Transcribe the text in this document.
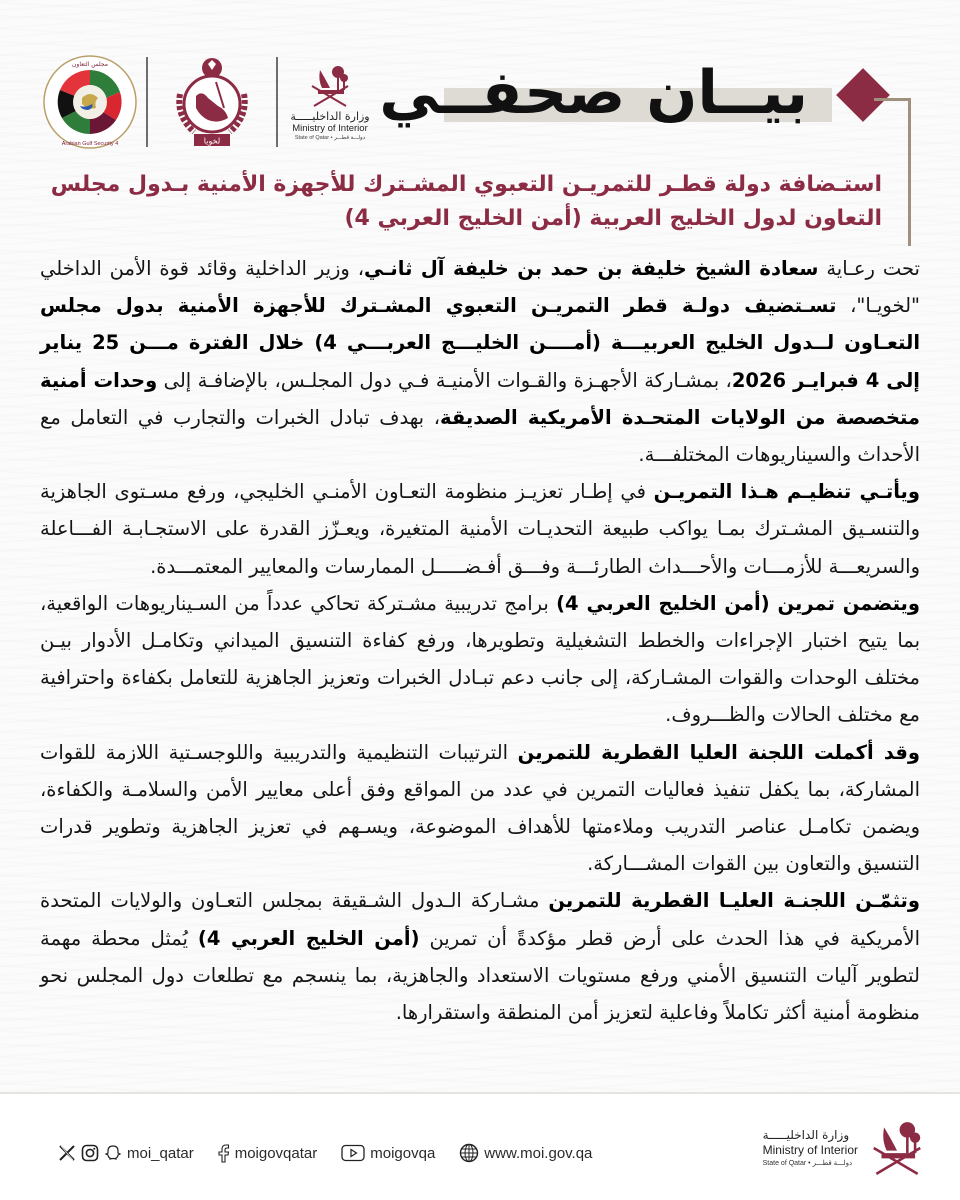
مجلس التعاون
Arabian Gulf Security 4	لخويا
وزارة الداخليـــــة
Ministry of Interior
State of Qatar • دولـــة قطـــر
بيــان صحفــي
استـضافة دولة قطـر للتمريـن التعبوي المشـترك للأجهزة الأمنية بـدول مجلس التعاون لدول الخليج العربية (أمن الخليج العربي 4)

تحت رعـاية سعادة الشيخ خليفة بن حمد بن خليفة آل ثانـي، وزير الداخلية وقائد قوة الأمن الداخلي "لخويـا"، تسـتضيف دولـة قطر التمريـن التعبوي المشـترك للأجهزة الأمنية بدول مجلس التعـاون لــدول الخليج العربيـــة (أمــــن الخليـــج العربـــي 4) خلال الفترة مـــن 25 يناير إلى 4 فبرايـر 2026، بمشـاركة الأجهـزة والقـوات الأمنيـة فـي دول المجلـس، بالإضافـة إلى وحدات أمنية متخصصة من الولايات المتحـدة الأمريكية الصديقة، بهدف تبادل الخبرات والتجارب في التعامل مع الأحداث والسيناريوهات المختلفـــة.

ويأتـي تنظيـم هـذا التمريـن في إطـار تعزيـز منظومة التعـاون الأمنـي الخليجي، ورفع مسـتوى الجاهزية والتنسـيق المشـترك بمـا يواكب طبيعة التحديـات الأمنية المتغيرة، ويعـزّز القدرة على الاستجـابـة الفـــاعلة والسريعـــة للأزمـــات والأحـــداث الطارئـــة وفـــق أفـضـــــل الممارسات والمعايير المعتمـــدة.

ويتضمن تمرين (أمن الخليج العربي 4) برامج تدريبية مشـتركة تحاكي عدداً من السـيناريوهات الواقعية، بما يتيح اختبار الإجراءات والخطط التشغيلية وتطويرها، ورفع كفاءة التنسيق الميداني وتكامـل الأدوار بيـن مختلف الوحدات والقوات المشـاركة، إلى جانب دعم تبـادل الخبرات وتعزيز الجاهزية للتعامل بكفاءة واحترافية مع مختلف الحالات والظـــروف.

وقد أكملت اللجنة العليا القطرية للتمرين الترتيبات التنظيمية والتدريبية واللوجسـتية اللازمة للقوات المشاركة، بما يكفل تنفيذ فعاليات التمرين في عدد من المواقع وفق أعلى معايير الأمن والسلامـة والكفاءة، ويضمن تكامـل عناصر التدريب وملاءمتها للأهداف الموضوعة، ويسـهم في تعزيز الجاهزية وتطوير قدرات التنسيق والتعاون بين القوات المشـــاركة.

وتثمّـن اللجنـة العليـا القطرية للتمرين مشـاركة الـدول الشـقيقة بمجلس التعـاون والولايات المتحدة الأمريكية في هذا الحدث على أرض قطر مؤكدةً أن تمرين (أمن الخليج العربي 4) يُمثل محطة مهمة لتطوير آليات التنسيق الأمني ورفع مستويات الاستعداد والجاهزية، بما ينسجم مع تطلعات دول المجلس نحو منظومة أمنية أكثر تكاملاً وفاعلية لتعزيز أمن المنطقة واستقرارها.

moi_qatar	moigovqatar	moigovqa	www.moi.gov.qa
وزارة الداخليـــــة
Ministry of Interior
State of Qatar • دولـــة قطـــر
